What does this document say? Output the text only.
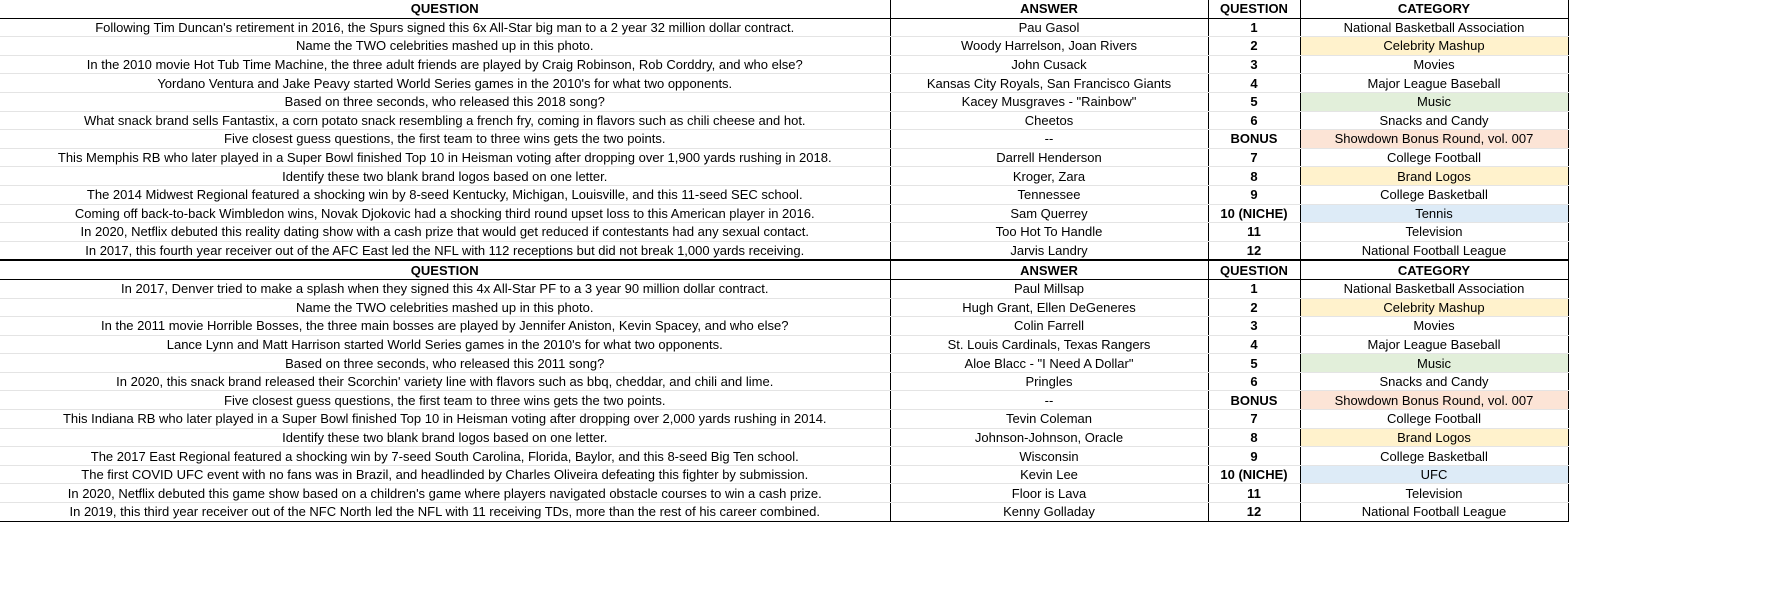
QUESTION	ANSWER	QUESTION	CATEGORY
Following Tim Duncan's retirement in 2016, the Spurs signed this 6x All-Star big man to a 2 year 32 million dollar contract.	Pau Gasol	1	National Basketball Association
Name the TWO celebrities mashed up in this photo.	Woody Harrelson, Joan Rivers	2	Celebrity Mashup
In the 2010 movie Hot Tub Time Machine, the three adult friends are played by Craig Robinson, Rob Corddry, and who else?	John Cusack	3	Movies
Yordano Ventura and Jake Peavy started World Series games in the 2010's for what two opponents.	Kansas City Royals, San Francisco Giants	4	Major League Baseball
Based on three seconds, who released this 2018 song?	Kacey Musgraves - "Rainbow"	5	Music
What snack brand sells Fantastix, a corn potato snack resembling a french fry, coming in flavors such as chili cheese and hot.	Cheetos	6	Snacks and Candy
Five closest guess questions, the first team to three wins gets the two points.	--	BONUS	Showdown Bonus Round, vol. 007
This Memphis RB who later played in a Super Bowl finished Top 10 in Heisman voting after dropping over 1,900 yards rushing in 2018.	Darrell Henderson	7	College Football
Identify these two blank brand logos based on one letter.	Kroger, Zara	8	Brand Logos
The 2014 Midwest Regional featured a shocking win by 8-seed Kentucky, Michigan, Louisville, and this 11-seed SEC school.	Tennessee	9	College Basketball
Coming off back-to-back Wimbledon wins, Novak Djokovic had a shocking third round upset loss to this American player in 2016.	Sam Querrey	10 (NICHE)	Tennis
In 2020, Netflix debuted this reality dating show with a cash prize that would get reduced if contestants had any sexual contact.	Too Hot To Handle	11	Television
In 2017, this fourth year receiver out of the AFC East led the NFL with 112 receptions but did not break 1,000 yards receiving.	Jarvis Landry	12	National Football League
QUESTION	ANSWER	QUESTION	CATEGORY
In 2017, Denver tried to make a splash when they signed this 4x All-Star PF to a 3 year 90 million dollar contract.	Paul Millsap	1	National Basketball Association
Name the TWO celebrities mashed up in this photo.	Hugh Grant, Ellen DeGeneres	2	Celebrity Mashup
In the 2011 movie Horrible Bosses, the three main bosses are played by Jennifer Aniston, Kevin Spacey, and who else?	Colin Farrell	3	Movies
Lance Lynn and Matt Harrison started World Series games in the 2010's for what two opponents.	St. Louis Cardinals, Texas Rangers	4	Major League Baseball
Based on three seconds, who released this 2011 song?	Aloe Blacc - "I Need A Dollar"	5	Music
In 2020, this snack brand released their Scorchin' variety line with flavors such as bbq, cheddar, and chili and lime.	Pringles	6	Snacks and Candy
Five closest guess questions, the first team to three wins gets the two points.	--	BONUS	Showdown Bonus Round, vol. 007
This Indiana RB who later played in a Super Bowl finished Top 10 in Heisman voting after dropping over 2,000 yards rushing in 2014.	Tevin Coleman	7	College Football
Identify these two blank brand logos based on one letter.	Johnson-Johnson, Oracle	8	Brand Logos
The 2017 East Regional featured a shocking win by 7-seed South Carolina, Florida, Baylor, and this 8-seed Big Ten school.	Wisconsin	9	College Basketball
The first COVID UFC event with no fans was in Brazil, and headlinded by Charles Oliveira defeating this fighter by submission.	Kevin Lee	10 (NICHE)	UFC
In 2020, Netflix debuted this game show based on a children's game where players navigated obstacle courses to win a cash prize.	Floor is Lava	11	Television
In 2019, this third year receiver out of the NFC North led the NFL with 11 receiving TDs, more than the rest of his career combined.	Kenny Golladay	12	National Football League
